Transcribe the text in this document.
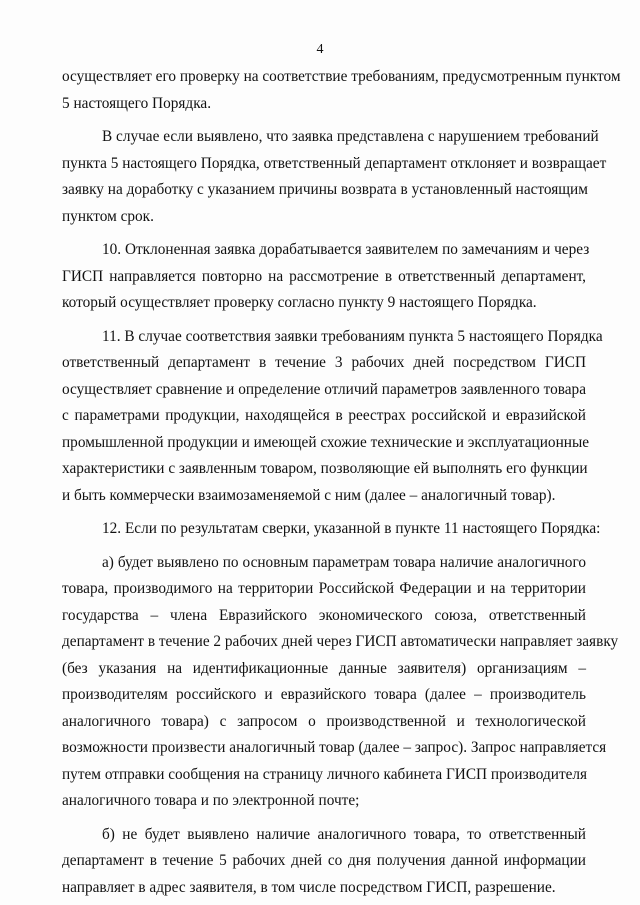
4
осуществляет его проверку на соответствие требованиям, предусмотренным пунктом
5 настоящего Порядка.
В случае если выявлено, что заявка представлена с нарушением требований
пункта 5 настоящего Порядка, ответственный департамент отклоняет и возвращает
заявку на доработку с указанием причины возврата в установленный настоящим
пунктом срок.
10. Отклоненная заявка дорабатывается заявителем по замечаниям и через
ГИСП направляется повторно на рассмотрение в ответственный департамент,
который осуществляет проверку согласно пункту 9 настоящего Порядка.
11. В случае соответствия заявки требованиям пункта 5 настоящего Порядка
ответственный департамент в течение 3 рабочих дней посредством ГИСП
осуществляет сравнение и определение отличий параметров заявленного товара
с параметрами продукции, находящейся в реестрах российской и евразийской
промышленной продукции и имеющей схожие технические и эксплуатационные
характеристики с заявленным товаром, позволяющие ей выполнять его функции
и быть коммерчески взаимозаменяемой с ним (далее – аналогичный товар).
12. Если по результатам сверки, указанной в пункте 11 настоящего Порядка:
а) будет выявлено по основным параметрам товара наличие аналогичного
товара, производимого на территории Российской Федерации и на территории
государства – члена Евразийского экономического союза, ответственный
департамент в течение 2 рабочих дней через ГИСП автоматически направляет заявку
(без указания на идентификационные данные заявителя) организациям –
производителям российского и евразийского товара (далее – производитель
аналогичного товара) с запросом о производственной и технологической
возможности произвести аналогичный товар (далее – запрос). Запрос направляется
путем отправки сообщения на страницу личного кабинета ГИСП производителя
аналогичного товара и по электронной почте;
б) не будет выявлено наличие аналогичного товара, то ответственный
департамент в течение 5 рабочих дней со дня получения данной информации
направляет в адрес заявителя, в том числе посредством ГИСП, разрешение.
